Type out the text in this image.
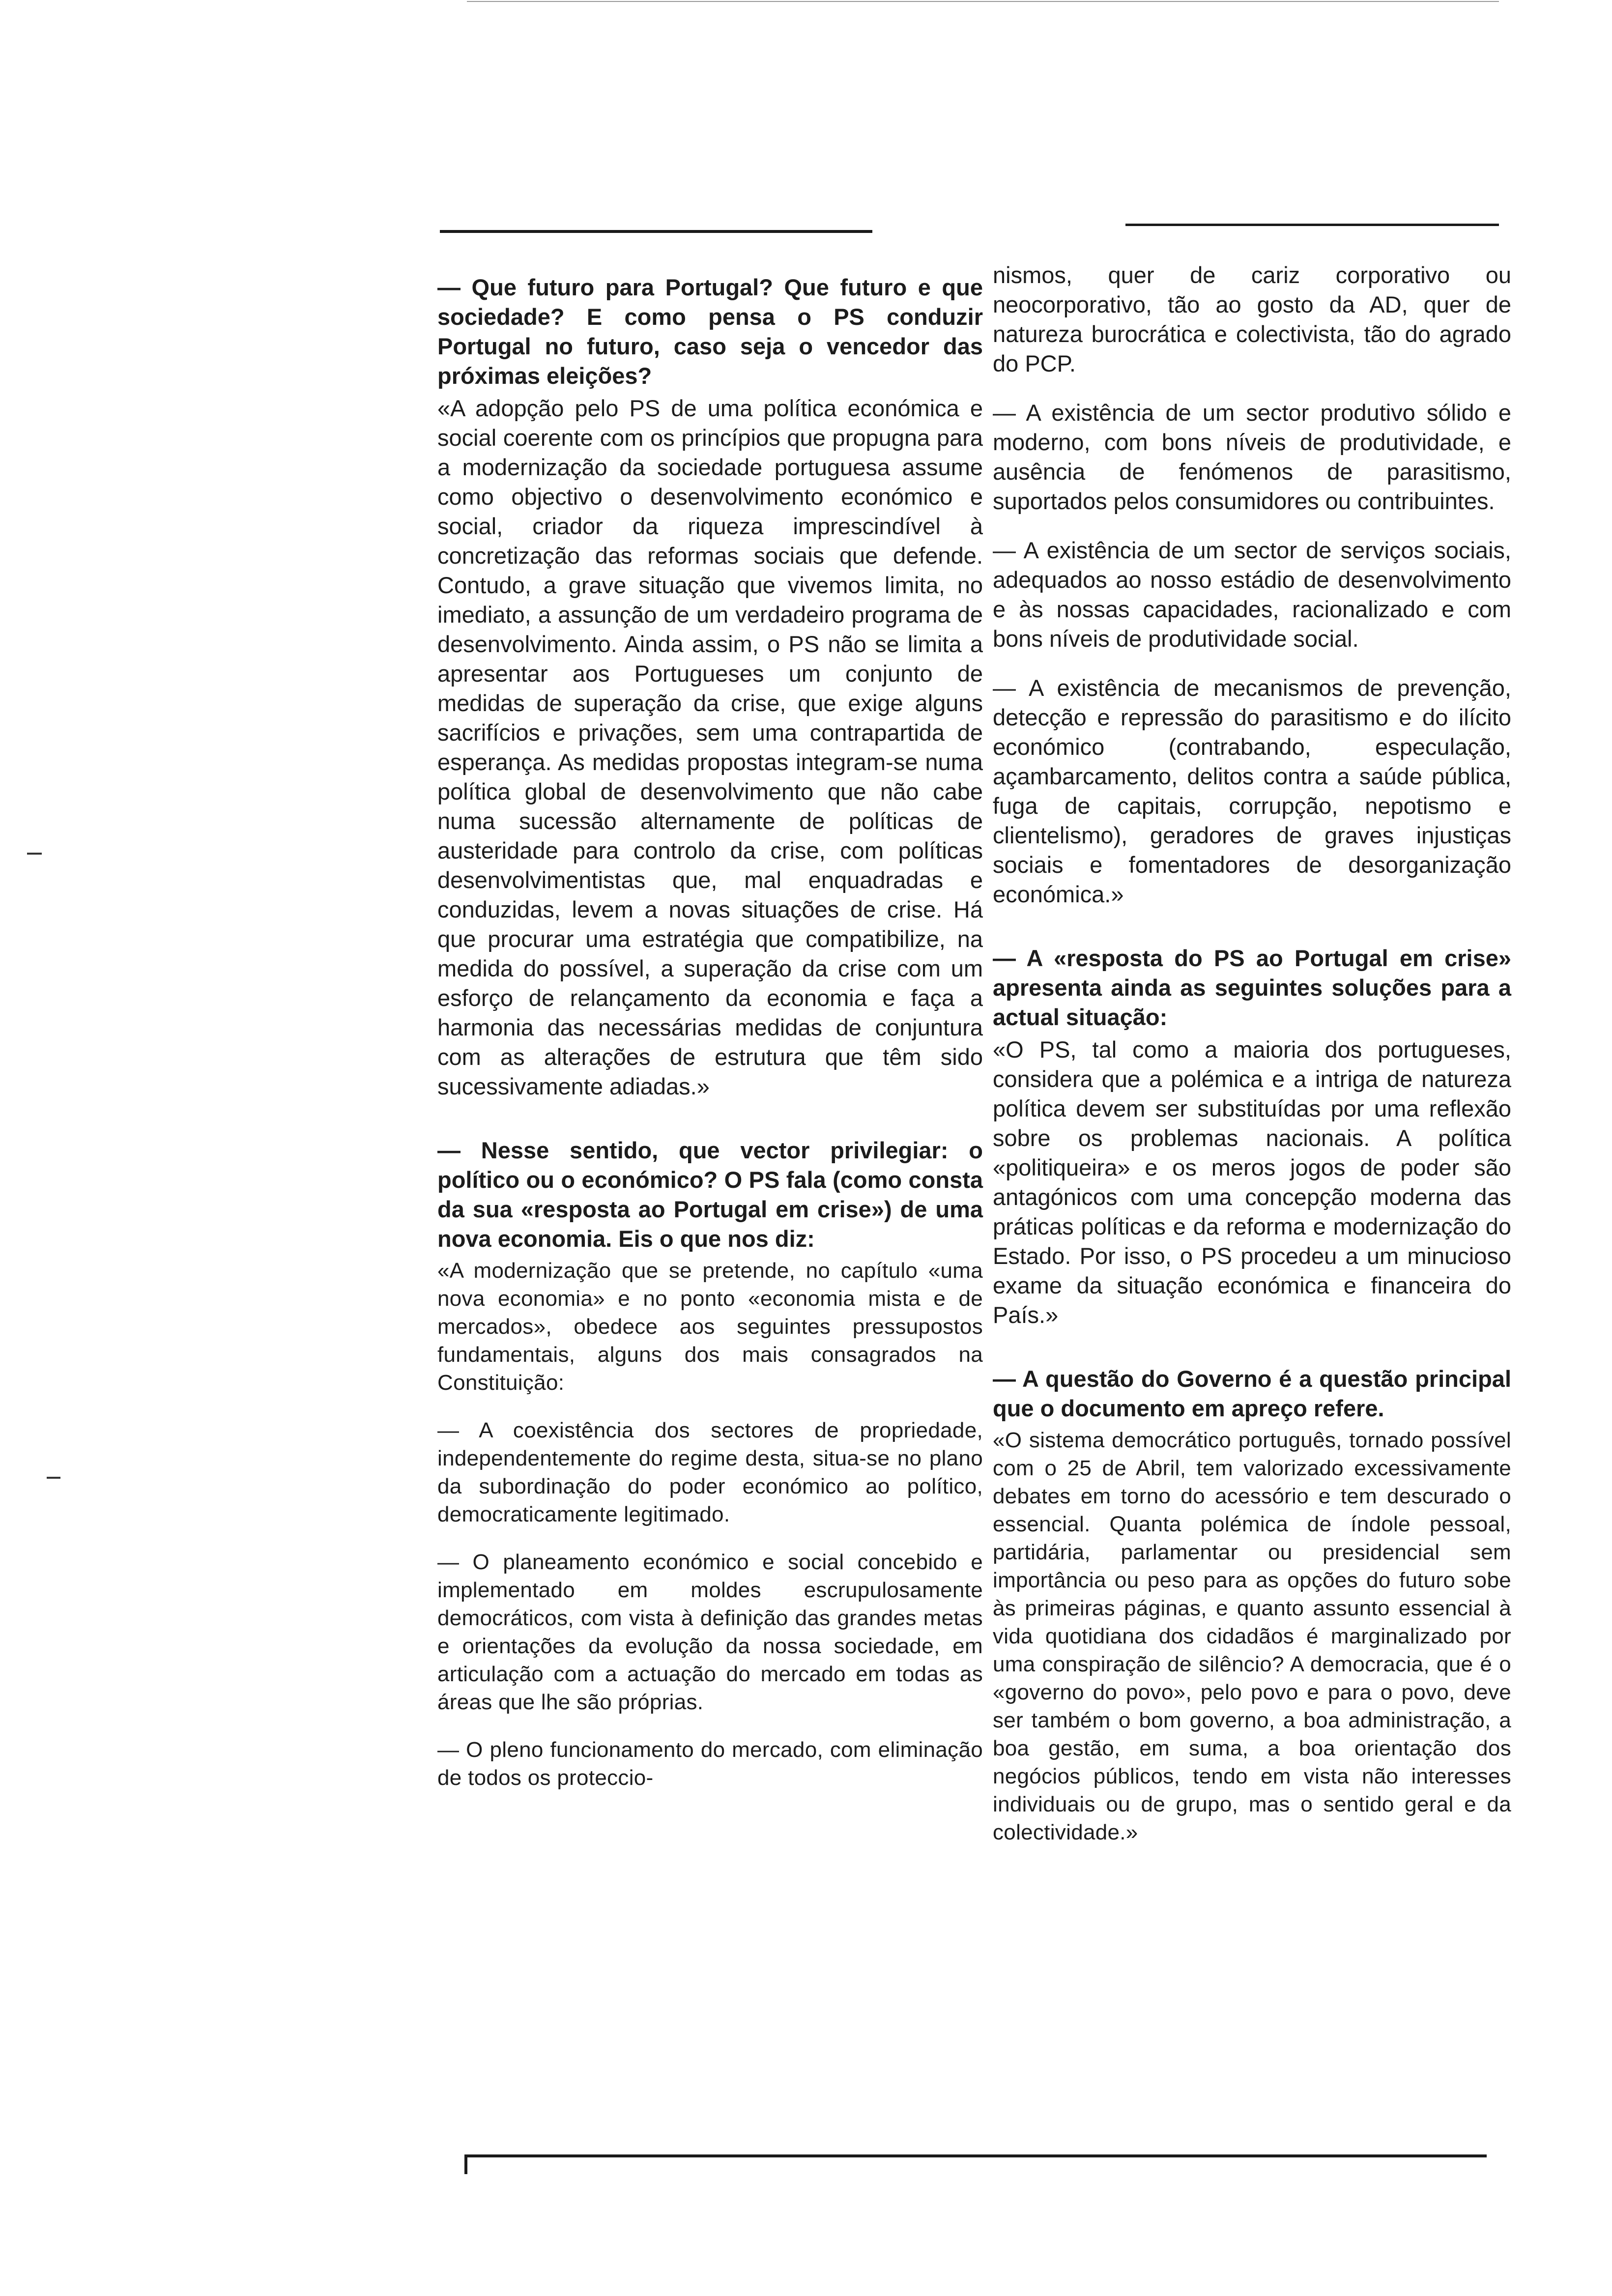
— Que futuro para Portugal? Que futuro e que sociedade? E como pensa o PS conduzir Portugal no futuro, caso seja o vencedor das próximas eleições?
«A adopção pelo PS de uma política económica e social coerente com os princípios que propugna para a modernização da sociedade portuguesa assume como objectivo o desenvolvimento económico e social, criador da riqueza imprescindível à concretização das reformas sociais que defende. Contudo, a grave situação que vivemos limita, no imediato, a assunção de um verdadeiro programa de desenvolvimento. Ainda assim, o PS não se limita a apresentar aos Portugueses um conjunto de medidas de superação da crise, que exige alguns sacrifícios e privações, sem uma contrapartida de esperança. As medidas propostas integram-se numa política global de desenvolvimento que não cabe numa sucessão alternamente de políticas de austeridade para controlo da crise, com políticas desenvolvimentistas que, mal enquadradas e conduzidas, levem a novas situações de crise. Há que procurar uma estratégia que compatibilize, na medida do possível, a superação da crise com um esforço de relançamento da economia e faça a harmonia das necessárias medidas de conjuntura com as alterações de estrutura que têm sido sucessivamente adiadas.»
— Nesse sentido, que vector privilegiar: o político ou o económico? O PS fala (como consta da sua «resposta ao Portugal em crise») de uma nova economia. Eis o que nos diz:
«A modernização que se pretende, no capítulo «uma nova economia» e no ponto «economia mista e de mercados», obedece aos seguintes pressupostos fundamentais, alguns dos mais consagrados na Constituição:
— A coexistência dos sectores de propriedade, independentemente do regime desta, situa-se no plano da subordinação do poder económico ao político, democraticamente legitimado.
— O planeamento económico e social concebido e implementado em moldes escrupulosamente democráticos, com vista à definição das grandes metas e orientações da evolução da nossa sociedade, em articulação com a actuação do mercado em todas as áreas que lhe são próprias.
— O pleno funcionamento do mercado, com eliminação de todos os proteccio-
nismos, quer de cariz corporativo ou neocorporativo, tão ao gosto da AD, quer de natureza burocrática e colectivista, tão do agrado do PCP.
— A existência de um sector produtivo sólido e moderno, com bons níveis de produtividade, e ausência de fenómenos de parasitismo, suportados pelos consumidores ou contribuintes.
— A existência de um sector de serviços sociais, adequados ao nosso estádio de desenvolvimento e às nossas capacidades, racionalizado e com bons níveis de produtividade social.
— A existência de mecanismos de prevenção, detecção e repressão do parasitismo e do ilícito económico (contrabando, especulação, açambarcamento, delitos contra a saúde pública, fuga de capitais, corrupção, nepotismo e clientelismo), geradores de graves injustiças sociais e fomentadores de desorganização económica.»
— A «resposta do PS ao Portugal em crise» apresenta ainda as seguintes soluções para a actual situação:
«O PS, tal como a maioria dos portugueses, considera que a polémica e a intriga de natureza política devem ser substituídas por uma reflexão sobre os problemas nacionais. A política «politiqueira» e os meros jogos de poder são antagónicos com uma concepção moderna das práticas políticas e da reforma e modernização do Estado. Por isso, o PS procedeu a um minucioso exame da situação económica e financeira do País.»
— A questão do Governo é a questão principal que o documento em apreço refere.
«O sistema democrático português, tornado possível com o 25 de Abril, tem valorizado excessivamente debates em torno do acessório e tem descurado o essencial. Quanta polémica de índole pessoal, partidária, parlamentar ou presidencial sem importância ou peso para as opções do futuro sobe às primeiras páginas, e quanto assunto essencial à vida quotidiana dos cidadãos é marginalizado por uma conspiração de silêncio? A democracia, que é o «governo do povo», pelo povo e para o povo, deve ser também o bom governo, a boa administração, a boa gestão, em suma, a boa orientação dos negócios públicos, tendo em vista não interesses individuais ou de grupo, mas o sentido geral e da colectividade.»
